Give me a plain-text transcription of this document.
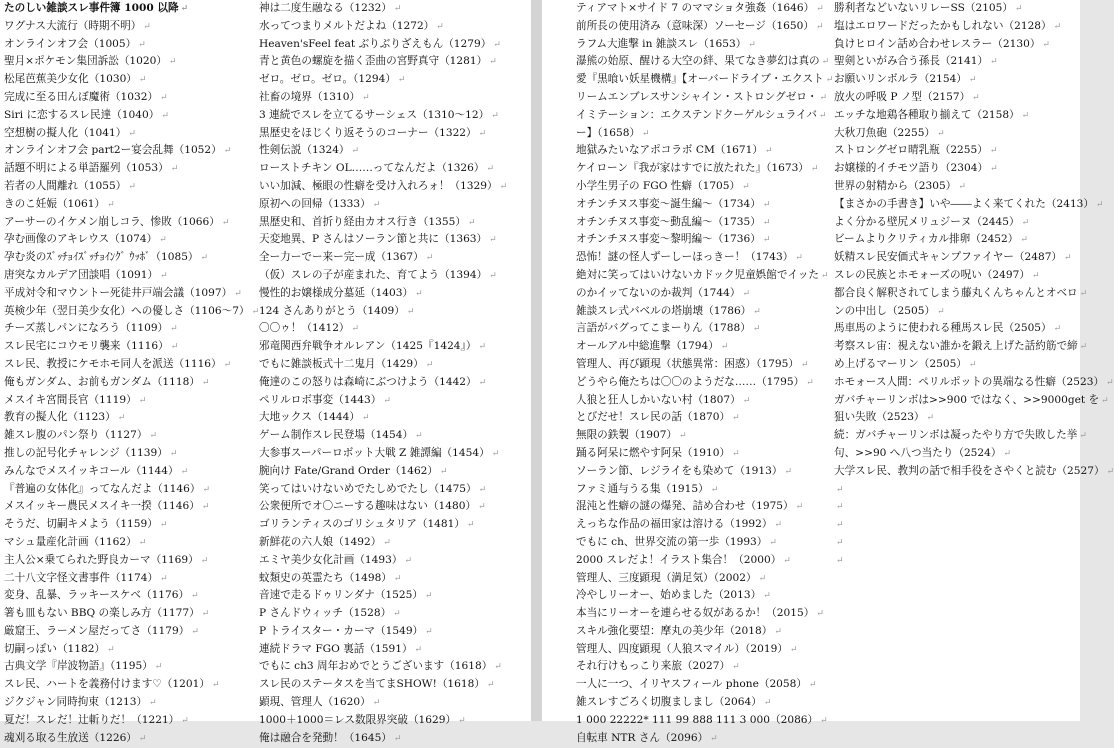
たのしい雑談スレ事件簿 1000 以降 ↵
ワグナス大流行（時期不明） ↵
オンラインオフ会（1005） ↵
聖月×ポケモン集団訴訟（1020） ↵
松尾芭蕉美少女化（1030） ↵
完成に至る田んぼ魔術（1032） ↵
Siri に恋するスレ民達（1040） ↵
空想樹の擬人化（1041） ↵
オンラインオフ会 part2ー宴会乱舞（1052） ↵
話題不明による単語羅列（1053） ↵
若者の人間離れ（1055） ↵
きのこ妊娠（1061） ↵
アーサーのイケメン崩しコラ、惨敗（1066） ↵
孕む画像のアキレウス（1074） ↵
孕む炎のｽﾞｯﾁｮｲｽﾞｯﾁｮｲﾝｸﾞ ｳｯﾎﾞ（1085） ↵
唐突なカルデア団談唱（1091） ↵
平成対令和マウントー死徒井戸端会議（1097） ↵
英検少年（翌日美少女化）への優しさ（1106～7） ↵
チーズ蒸しパンになろう（1109） ↵
スレ民宅にコウモリ襲来（1116） ↵
スレ民、教授にケモホモ同人を派送（1116） ↵
俺もガンダム、お前もガンダム（1118） ↵
メスイキ宮間長官（1119） ↵
教育の擬人化（1123） ↵
雑スレ腹のパン祭り（1127） ↵
推しの記号化チャレンジ（1139） ↵
みんなでメスイッキコール（1144） ↵
『普遍の女体化』ってなんだよ（1146） ↵
メスイッキー農民メスイキ一揆（1146） ↵
そうだ、切嗣キメよう（1159） ↵
マシュ量産化計画（1162） ↵
主人公×乗てられた野良カーマ（1169） ↵
二十八文字怪文書事件（1174） ↵
変身、乱暴、ラッキースケベ（1176） ↵
箸も皿もない BBQ の楽しみ方（1177） ↵
厳窟王、ラーメン屋だってさ（1179） ↵
切嗣っぽい（1182） ↵
古典文学『岸波物語』（1195） ↵
スレ民、ハートを義務付けます♡（1201） ↵
ジクジャン同時拘束（1213） ↵
夏だ！スレだ！辻斬りだ！（1221） ↵
魂刈る取る生放送（1226） ↵
神は二度生融なる（1232） ↵
水ってつまりメルトだよね（1272） ↵
Heaven'sFeel feat ぶりぶりざえもん（1279） ↵
青と黄色の螺旋を描く歪曲の宮野真守（1281） ↵
ゼロ。ゼロ。ゼロ。（1294） ↵
社畜の境界（1310） ↵
3 連続でスレを立てるサーシェス（1310～12） ↵
黒歴史をほじくり返そうのコーナー（1322） ↵
性剣伝説（1324） ↵
ローストチキン OL……ってなんだよ（1326） ↵
いい加減、極眼の性癖を受け入れろォ！（1329） ↵
原初への回帰（1333） ↵
黒歴史和、首折り経由カオス行き（1355） ↵
天変地異、P さんはソーラン節と共に（1363） ↵
全ー力ーでー来ー完ー成（1367） ↵
（仮）スレの子が産まれた、育てよう（1394） ↵
慢性的お嬢様成分墓延（1403） ↵
124 さんありがとう（1409） ↵
〇〇ゥ！（1412） ↵
邪竜関西弁戦争オルレアン（1425『1424』） ↵
でもに雑談板式十二鬼月（1429） ↵
俺達のこの怒りは森崎にぶつけよう（1442） ↵
ペリルロボ事変（1443） ↵
大地ックス（1444） ↵
ゲーム制作スレ民登場（1454） ↵
大参事スーパーロボット大戦 Z 雑譚編（1454） ↵
腕向け Fate/Grand Order（1462） ↵
笑ってはいけないめでたしめでたし（1475） ↵
公衆便所でオ〇ニーする趣味はない（1480） ↵
ゴリランティスのゴリシュタリア（1481） ↵
新鮮花の六人娘（1492） ↵
エミヤ美少女化計画（1493） ↵
蚊類史の英霊たち（1498） ↵
音速で走るドゥリンダナ（1525） ↵
P さんドウィッチ（1528） ↵
P トライスター・カーマ（1549） ↵
連続ドラマ FGO 裏話（1591） ↵
でもに ch3 周年おめでとうございます（1618） ↵
スレ民のステータスを当てまSHOW!（1618） ↵
顕現、管理人（1620） ↵
1000＋1000＝レス数限界突破（1629） ↵
俺は融合を発動！（1645） ↵
ティアマト×サイド 7 のママショタ強姦（1646） ↵
前所長の使用済み（意味深）ソーセージ（1650） ↵
ラフム大進撃 in 雑談スレ（1653） ↵
瀑熊の始原、醒ける大空の絆、果てなき夢幻は真の ↵
愛『黒喰い妖星機構』【オーバードライブ・エクスト ↵
リームエンブレスサンシャイン・ストロングゼロ・ ↵
イミテーション：エクステンドクーゲルシュライバ ↵
ー】（1658） ↵
地獄みたいなアポコラボ CM（1671） ↵
ケイローン『我が家はすでに放たれた』（1673） ↵
小学生男子の FGO 性癖（1705） ↵
オチンチヌス事変～誕生編～（1734） ↵
オチンチヌス事変～動乱編～（1735） ↵
オチンチヌス事変～黎明編～（1736） ↵
恐怖！謎の怪人ずーしーほっきー！（1743） ↵
絶対に笑ってはいけないカドック児童娯館でイッた ↵
のかイッてないのか裁判（1744） ↵
雑談スレ式バベルの塔崩壊（1786） ↵
言語がバグってこまーりん（1788） ↵
オールアル中総進撃（1794） ↵
管理人、再び顕現（状態異常：困惑）（1795） ↵
どうやら俺たちは〇〇のようだな……（1795） ↵
人狼と狂人しかいない村（1807） ↵
とびだせ！スレ民の話（1870） ↵
無限の鉄製（1907） ↵
踊る阿呆に燃やす阿呆（1910） ↵
ソーラン節、レジライをも染めて（1913） ↵
ファミ通与うる集（1915） ↵
混沌と性癖の謎の爆発、詰め合わせ（1975） ↵
えっちな作品の福田家は溶ける（1992） ↵
でもに ch、世界交流の第一歩（1993） ↵
2000 スレだよ！イラスト集合！（2000） ↵
管理人、三度顕現（満足気）（2002） ↵
冷やしリーオー、始めました（2013） ↵
本当にリーオーを連らせる奴があるか！（2015） ↵
スキル強化要望：摩丸の美少年（2018） ↵
管理人、四度顕現（人狼スマイル）（2019） ↵
それ行けもっこり来旅（2027） ↵
一人に一つ、イリヤスフィール phone（2058） ↵
雑スレすごろく切腹ましまし（2064） ↵
1 000 22222* 111 99 888 111 3 000（2086） ↵
自転車 NTR さん（2096） ↵
勝利者などいないリレーSS（2105） ↵
塩はエロワードだったかもしれない（2128） ↵
負けヒロイン話め合わせレスラー（2130） ↵
聖剣といがみ合う孫長（2141） ↵
お願いリンボルラ（2154） ↵
放火の呼吸 P ノ型（2157） ↵
エッチな地鶏各種取り揃えて（2158） ↵
大秋刀魚砲（2255） ↵
ストロングゼロ晴乳瓶（2255） ↵
お嬢様的イチモツ語り（2304） ↵
世界の射精から（2305） ↵
【まさかの手書き】いや――よく来てくれた（2413） ↵
よく分かる壁尻メリュジーヌ（2445） ↵
ビームよりクリティカル排卵（2452） ↵
妖精スレ民安価式キャンプファイヤー（2487） ↵
スレの民族とホモォーズの呪い（2497） ↵
都合良く解釈されてしまう藤丸くんちゃんとオベロ ↵
ンの中出し（2505） ↵
馬車馬のように使われる種馬スレ民（2505） ↵
考察スレ宙：視えない誰かを鍛え上げた話約筋で締 ↵
め上げるマーリン（2505） ↵
ホモォース人間：ペリルポットの異端なる性癖（2523） ↵
ガバチャーリンボは>>900 ではなく、>>9000get を ↵
狙い失敗（2523） ↵
続：ガバチャーリンボは凝ったやり方で失敗した挙 ↵
句、>>90 へ八つ当たり（2524） ↵
大学スレ民、教判の話で相手役をさやくと読む（2527） ↵
↵
↵
↵
↵
↵
